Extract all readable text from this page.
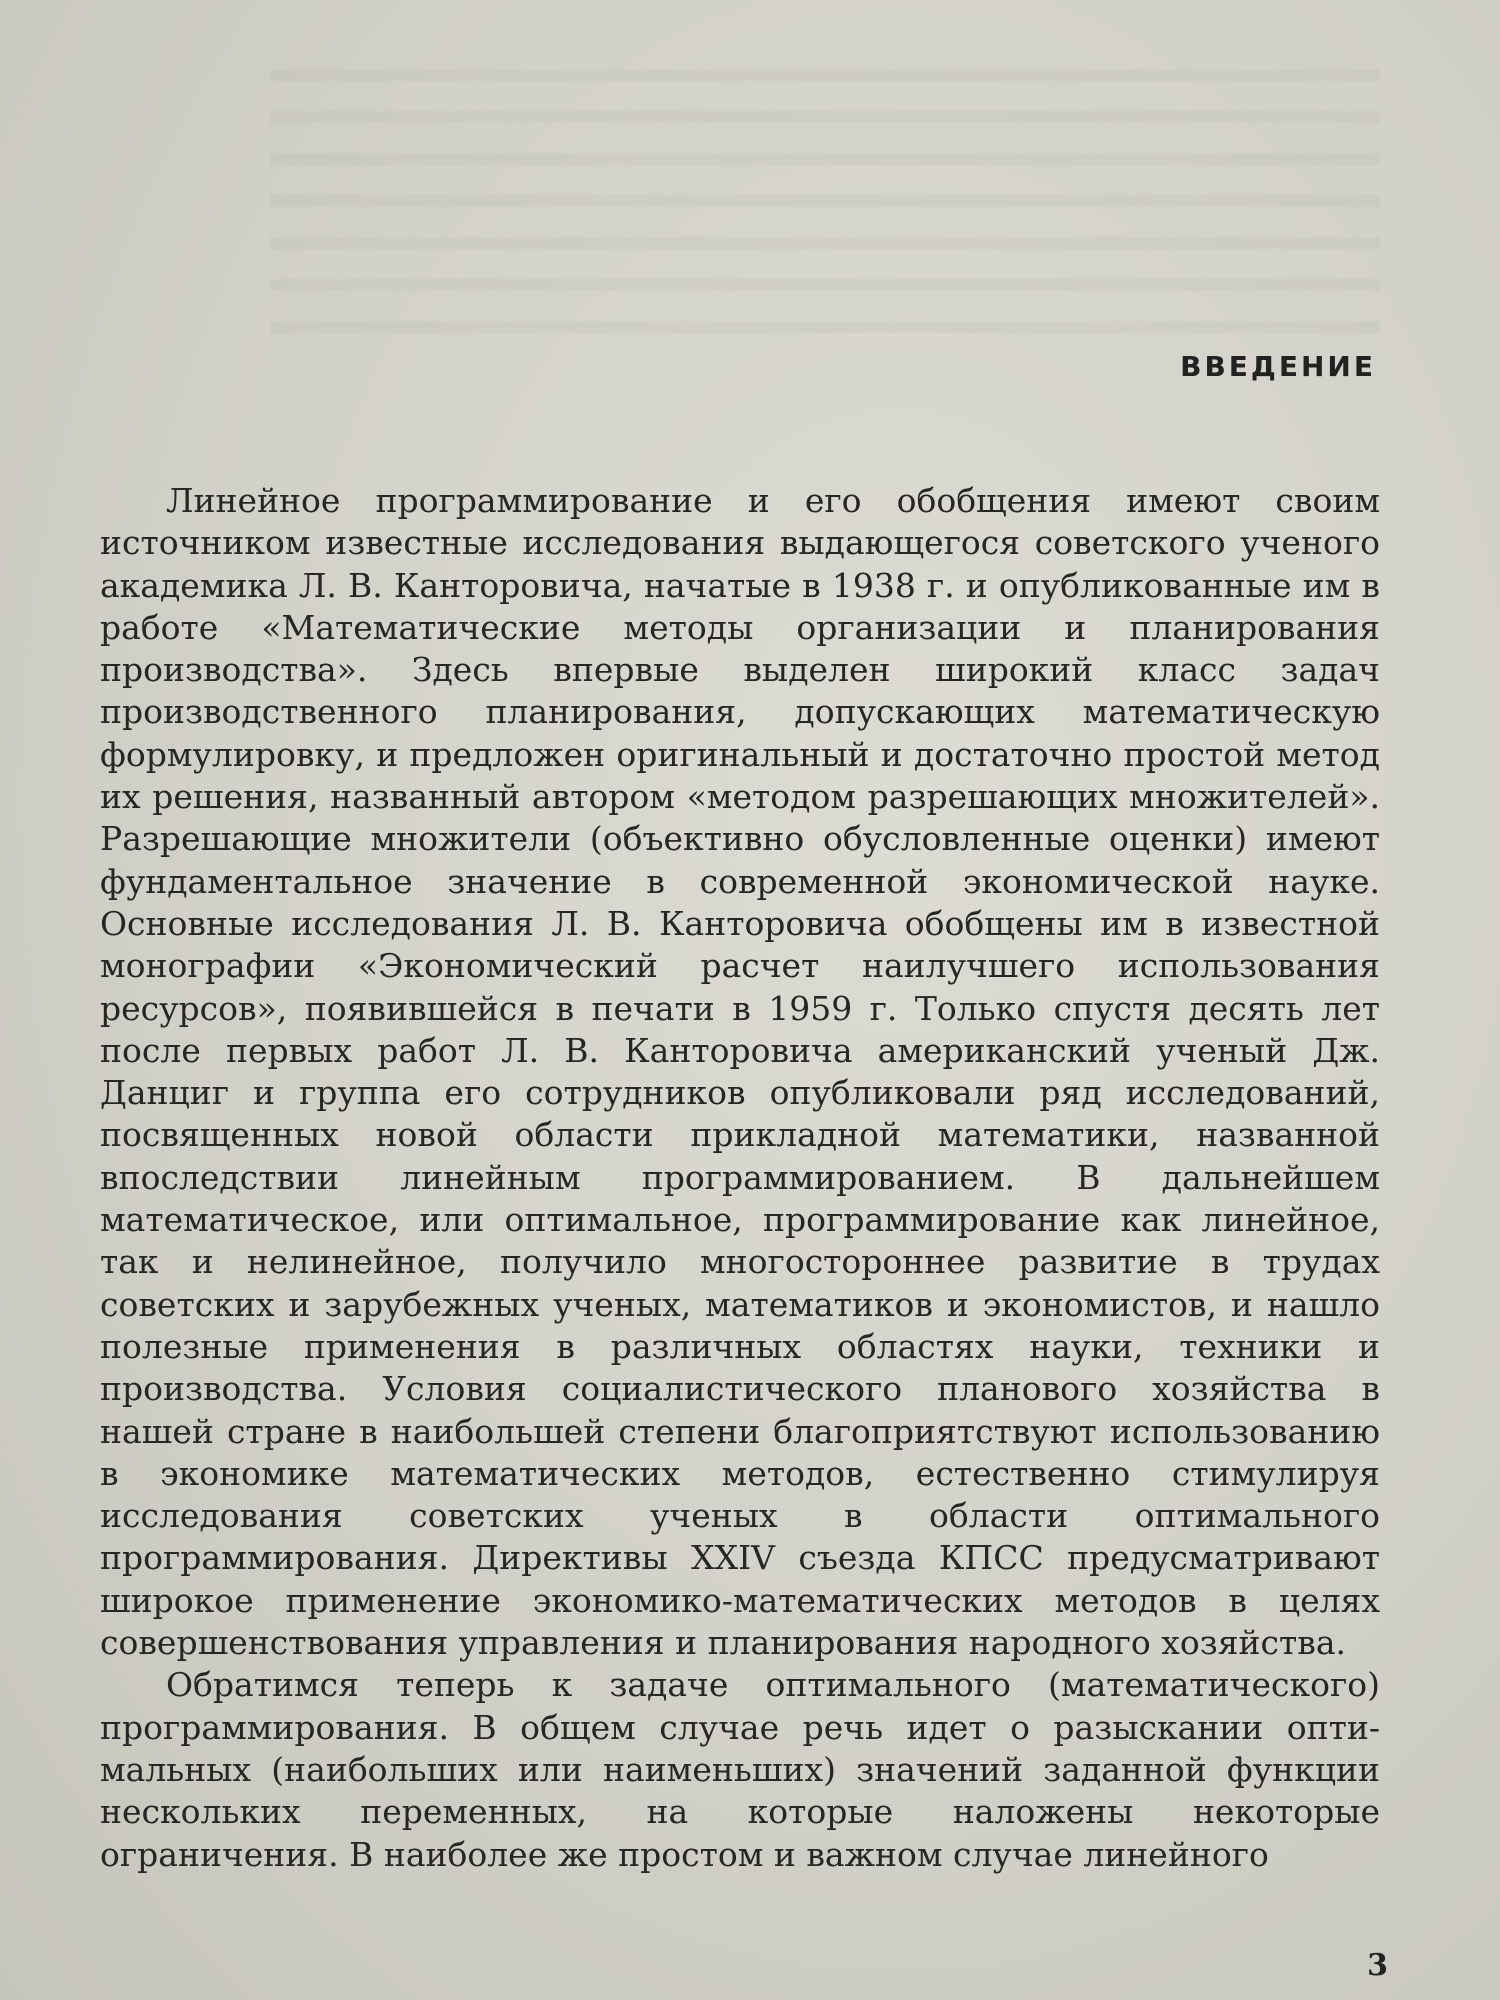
ВВЕДЕНИЕ

Линейное программирование и его обобщения имеют своим источником известные исследования выдающегося советского ученого академика Л. В. Канторовича, начатые в 1938 г. и опубликованные им в работе «Математические методы организации и планирования производства». Здесь впервые выделен широкий класс задач производственного планирования, допускающих математическую формулировку, и предложен оригинальный и достаточно простой метод их решения, названный автором «методом разрешающих множителей». Разрешающие множители (объективно обусловленные оценки) имеют фундаментальное значение в современной экономической науке. Основные исследования Л. В. Канторовича обобщены им в известной монографии «Экономический расчет наилучшего использования ресурсов», появившейся в печати в 1959 г. Только спустя десять лет после первых работ Л. В. Канторовича американский ученый Дж. Данциг и группа его сотрудников опубликовали ряд исследований, посвященных новой области прикладной математики, названной впоследствии линейным программированием. В дальнейшем математическое, или оптимальное, программирование как линейное, так и нелинейное, получило многостороннее развитие в трудах советских и зарубежных ученых, математиков и экономистов, и нашло полезные применения в различных областях науки, техники и производства. Условия социалистического планового хозяйства в нашей стране в наибольшей степени благоприятствуют использованию в экономике математических методов, естественно стимулируя исследования советских ученых в области оптимального программирования. Директивы XXIV съезда КПСС предусматривают широкое применение экономико-математических методов в целях совершенствования управления и планирования народного хозяйства.

Обратимся теперь к задаче оптимального (математического) программирования. В общем случае речь идет о разыскании оптимальных (наибольших или наименьших) значений заданной функции нескольких переменных, на которые наложены некоторые ограничения. В наиболее же простом и важном случае линейного

3
